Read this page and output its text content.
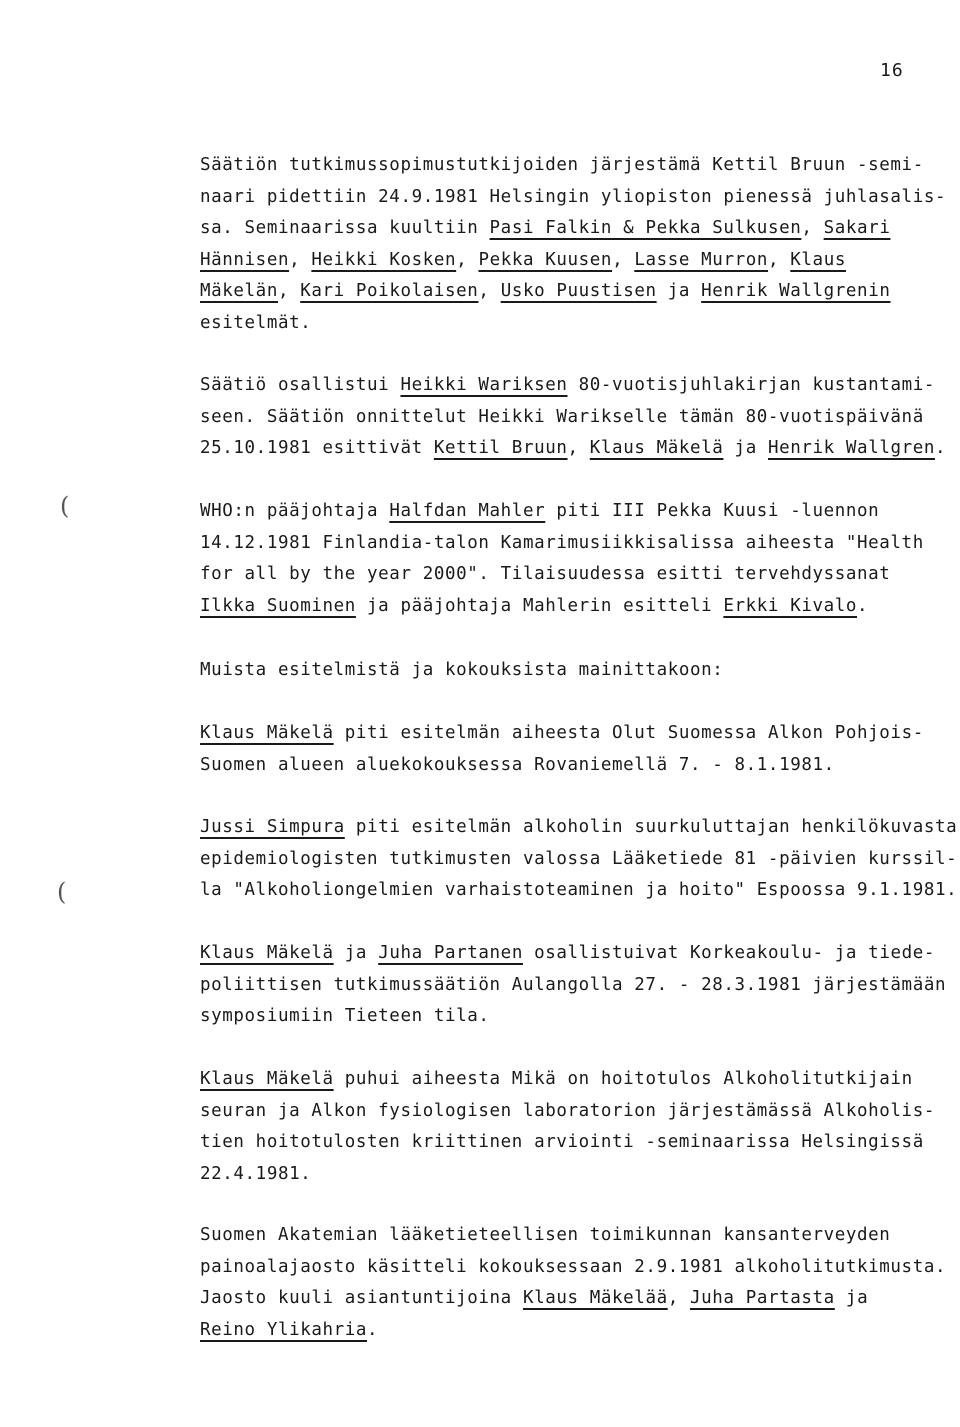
16
(
(
Säätiön tutkimussopimustutkijoiden järjestämä Kettil Bruun -semi-
naari pidettiin 24.9.1981 Helsingin yliopiston pienessä juhlasalis-
sa. Seminaarissa kuultiin Pasi Falkin & Pekka Sulkusen, Sakari
Hännisen, Heikki Kosken, Pekka Kuusen, Lasse Murron, Klaus
Mäkelän, Kari Poikolaisen, Usko Puustisen ja Henrik Wallgrenin
esitelmät.
Säätiö osallistui Heikki Wariksen 80-vuotisjuhlakirjan kustantami-
seen. Säätiön onnittelut Heikki Warikselle tämän 80-vuotispäivänä
25.10.1981 esittivät Kettil Bruun, Klaus Mäkelä ja Henrik Wallgren.
WHO:n pääjohtaja Halfdan Mahler piti III Pekka Kuusi -luennon
14.12.1981 Finlandia-talon Kamarimusiikkisalissa aiheesta "Health
for all by the year 2000". Tilaisuudessa esitti tervehdyssanat
Ilkka Suominen ja pääjohtaja Mahlerin esitteli Erkki Kivalo.
Muista esitelmistä ja kokouksista mainittakoon:
Klaus Mäkelä piti esitelmän aiheesta Olut Suomessa Alkon Pohjois-
Suomen alueen aluekokouksessa Rovaniemellä 7. - 8.1.1981.
Jussi Simpura piti esitelmän alkoholin suurkuluttajan henkilökuvasta
epidemiologisten tutkimusten valossa Lääketiede 81 -päivien kurssil-
la "Alkoholiongelmien varhaistoteaminen ja hoito" Espoossa 9.1.1981.
Klaus Mäkelä ja Juha Partanen osallistuivat Korkeakoulu- ja tiede-
poliittisen tutkimussäätiön Aulangolla 27. - 28.3.1981 järjestämään
symposiumiin Tieteen tila.
Klaus Mäkelä puhui aiheesta Mikä on hoitotulos Alkoholitutkijain
seuran ja Alkon fysiologisen laboratorion järjestämässä Alkoholis-
tien hoitotulosten kriittinen arviointi -seminaarissa Helsingissä
22.4.1981.
Suomen Akatemian lääketieteellisen toimikunnan kansanterveyden
painoalajaosto käsitteli kokouksessaan 2.9.1981 alkoholitutkimusta.
Jaosto kuuli asiantuntijoina Klaus Mäkelää, Juha Partasta ja
Reino Ylikahria.
